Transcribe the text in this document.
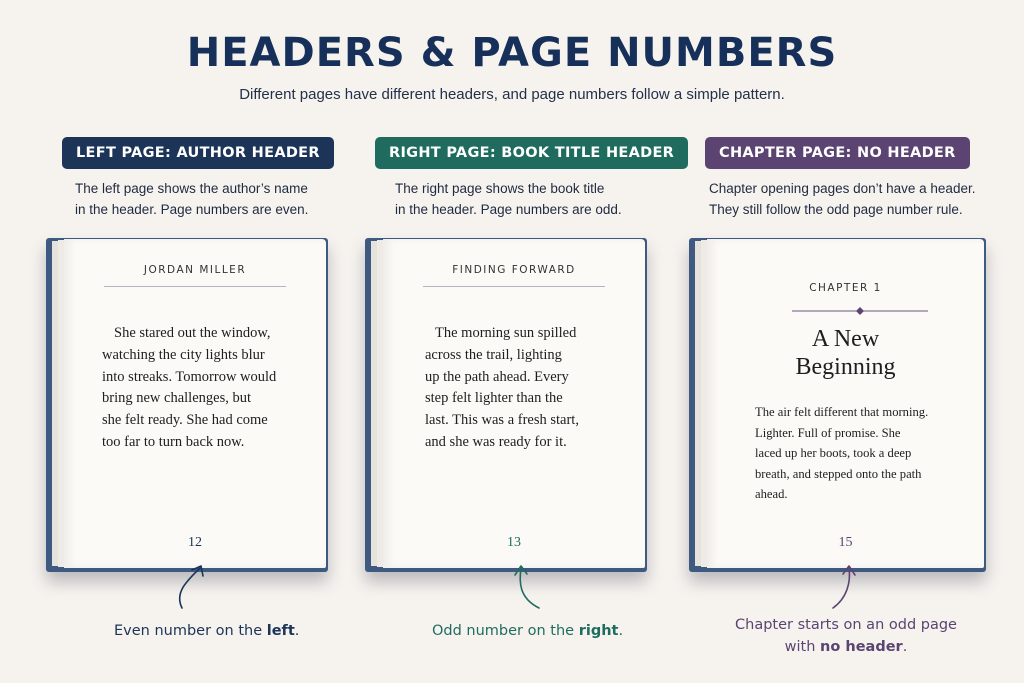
HEADERS & PAGE NUMBERS
Different pages have different headers, and page numbers follow a simple pattern.
LEFT PAGE: AUTHOR HEADER
The left page shows the author’s name
in the header. Page numbers are even.
JORDAN MILLER
She stared out the window,
watching the city lights blur
into streaks. Tomorrow would
bring new challenges, but
she felt ready. She had come
too far to turn back now.
12
Even number on the left.
RIGHT PAGE: BOOK TITLE HEADER
The right page shows the book title
in the header. Page numbers are odd.
FINDING FORWARD
The morning sun spilled
across the trail, lighting
up the path ahead. Every
step felt lighter than the
last. This was a fresh start,
and she was ready for it.
13
Odd number on the right.
CHAPTER PAGE: NO HEADER
Chapter opening pages don’t have a header.
They still follow the odd page number rule.
CHAPTER 1
A New
Beginning
The air felt different that morning.
Lighter. Full of promise. She
laced up her boots, took a deep
breath, and stepped onto the path
ahead.
15
Chapter starts on an odd page
with no header.
